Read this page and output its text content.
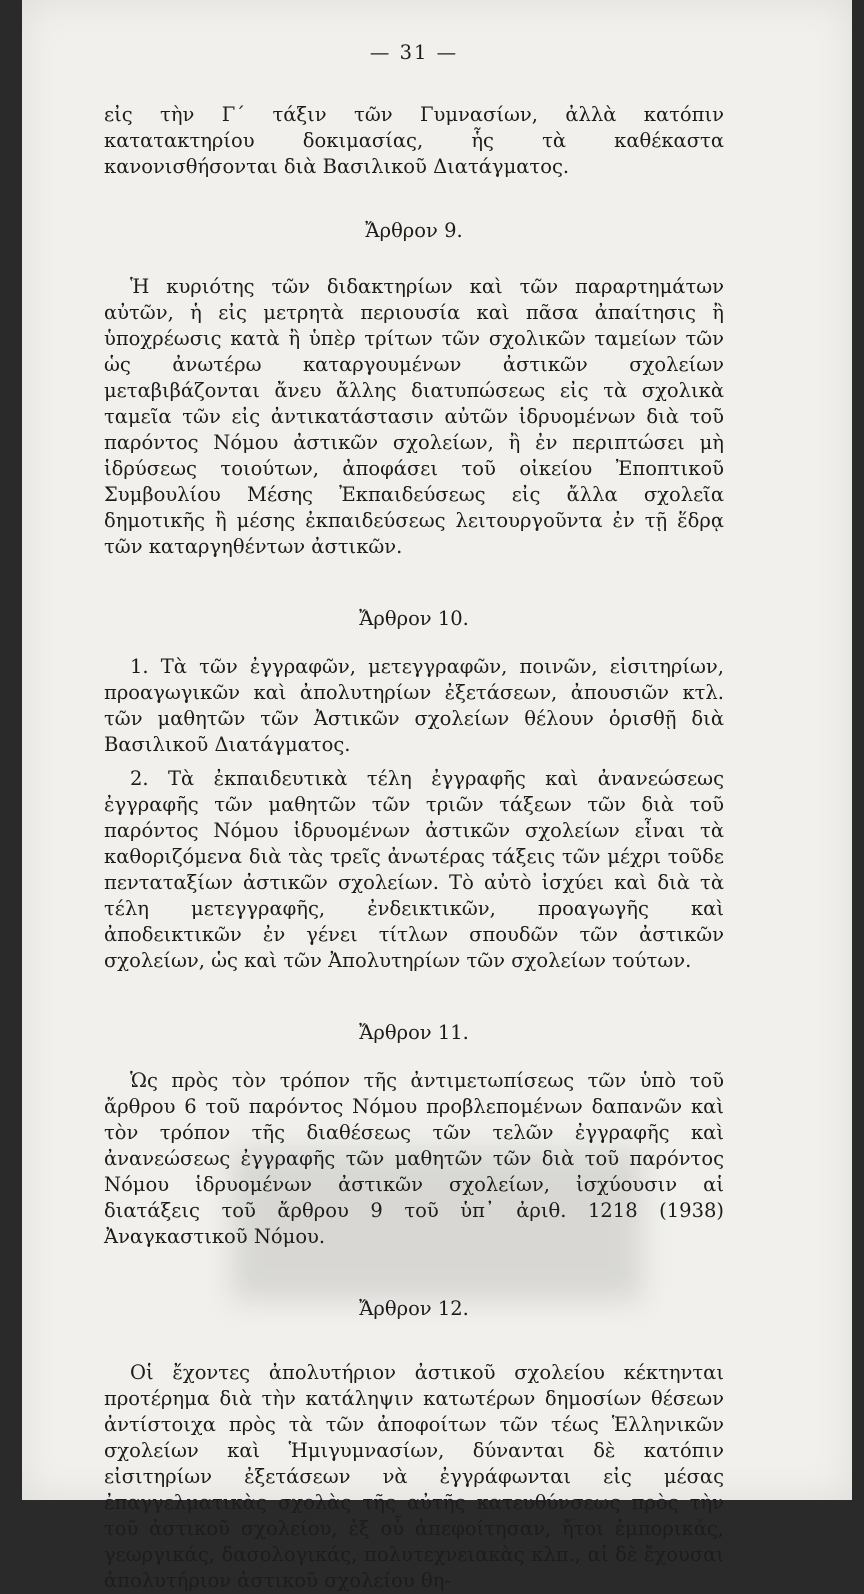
— 31 —

εἰς τὴν Γ΄ τάξιν τῶν Γυμνασίων, ἀλλὰ κατόπιν κατατακτηρίου δοκιμασίας, ἧς τὰ καθέκαστα κανονισθήσονται διὰ Βασιλικοῦ Διατάγματος.

Ἄρθρον 9.

Ἡ κυριότης τῶν διδακτηρίων καὶ τῶν παραρτημάτων αὐτῶν, ἡ εἰς μετρητὰ περιουσία καὶ πᾶσα ἀπαίτησις ἢ ὑποχρέωσις κατὰ ἢ ὑπὲρ τρίτων τῶν σχολικῶν ταμείων τῶν ὡς ἀνωτέρω καταργουμένων ἀστικῶν σχολείων μεταβιβάζονται ἄνευ ἄλλης διατυπώσεως εἰς τὰ σχολικὰ ταμεῖα τῶν εἰς ἀντικατάστασιν αὐτῶν ἱδρυομένων διὰ τοῦ παρόντος Νόμου ἀστικῶν σχολείων, ἢ ἐν περιπτώσει μὴ ἱδρύσεως τοιούτων, ἀποφάσει τοῦ οἰκείου Ἐποπτικοῦ Συμβουλίου Μέσης Ἐκπαιδεύσεως εἰς ἄλλα σχολεῖα δημοτικῆς ἢ μέσης ἐκπαιδεύσεως λειτουργοῦντα ἐν τῇ ἕδρᾳ τῶν καταργηθέντων ἀστικῶν.

Ἄρθρον 10.

1. Τὰ τῶν ἐγγραφῶν, μετεγγραφῶν, ποινῶν, εἰσιτηρίων, προαγωγικῶν καὶ ἀπολυτηρίων ἐξετάσεων, ἀπουσιῶν κτλ. τῶν μαθητῶν τῶν Ἀστικῶν σχολείων θέλουν ὁρισθῇ διὰ Βασιλικοῦ Διατάγματος.

2. Τὰ ἐκπαιδευτικὰ τέλη ἐγγραφῆς καὶ ἀνανεώσεως ἐγγραφῆς τῶν μαθητῶν τῶν τριῶν τάξεων τῶν διὰ τοῦ παρόντος Νόμου ἱδρυομένων ἀστικῶν σχολείων εἶναι τὰ καθοριζόμενα διὰ τὰς τρεῖς ἀνωτέρας τάξεις τῶν μέχρι τοῦδε πενταταξίων ἀστικῶν σχολείων. Τὸ αὐτὸ ἰσχύει καὶ διὰ τὰ τέλη μετεγγραφῆς, ἐνδεικτικῶν, προαγωγῆς καὶ ἀποδεικτικῶν ἐν γένει τίτλων σπουδῶν τῶν ἀστικῶν σχολείων, ὡς καὶ τῶν Ἀπολυτηρίων τῶν σχολείων τούτων.

Ἄρθρον 11.

Ὡς πρὸς τὸν τρόπον τῆς ἀντιμετωπίσεως τῶν ὑπὸ τοῦ ἄρθρου 6 τοῦ παρόντος Νόμου προβλεπομένων δαπανῶν καὶ τὸν τρόπον τῆς διαθέσεως τῶν τελῶν ἐγγραφῆς καὶ ἀνανεώσεως ἐγγραφῆς τῶν μαθητῶν τῶν διὰ τοῦ παρόντος Νόμου ἱδρυομένων ἀστικῶν σχολείων, ἰσχύουσιν αἱ διατάξεις τοῦ ἄρθρου 9 τοῦ ὑπ᾽ ἀριθ. 1218 (1938) Ἀναγκαστικοῦ Νόμου.

Ἄρθρον 12.

Οἱ ἔχοντες ἀπολυτήριον ἀστικοῦ σχολείου κέκτηνται προτέρημα διὰ τὴν κατάληψιν κατωτέρων δημοσίων θέσεων ἀντίστοιχα πρὸς τὰ τῶν ἀποφοίτων τῶν τέως Ἑλληνικῶν σχολείων καὶ Ἡμιγυμνασίων, δύνανται δὲ κατόπιν εἰσιτηρίων ἐξετάσεων νὰ ἐγγράφωνται εἰς μέσας ἐπαγγελματικὰς σχολὰς τῆς αὐτῆς κατευθύνσεως πρὸς τὴν τοῦ ἀστικοῦ σχολείου, ἐξ οὗ ἀπεφοίτησαν, ἤτοι ἐμπορικάς, γεωργικάς, δασολογικάς, πολυτεχνειακὰς κλπ., αἱ δὲ ἔχουσαι ἀπολυτήριον ἀστικοῦ σχολείου θη-
